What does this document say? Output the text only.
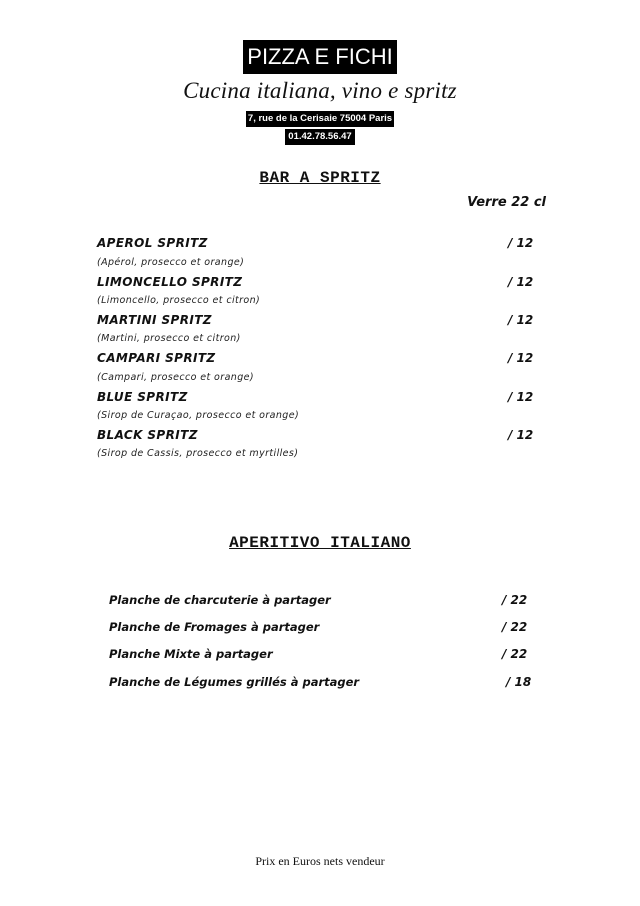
PIZZA E FICHI
Cucina italiana, vino e spritz
7, rue de la Cerisaie 75004 Paris
01.42.78.56.47
BAR A SPRITZ
Verre 22 cl
APEROL SPRITZ	/ 12
(Apérol, prosecco et orange)
LIMONCELLO SPRITZ	/ 12
(Limoncello, prosecco et citron)
MARTINI SPRITZ	/ 12
(Martini, prosecco et citron)
CAMPARI SPRITZ	/ 12
(Campari, prosecco et orange)
BLUE SPRITZ	/ 12
(Sirop de Curaçao, prosecco et orange)
BLACK SPRITZ	/ 12
(Sirop de Cassis, prosecco et myrtilles)
APERITIVO ITALIANO
Planche de charcuterie à partager	/ 22
Planche de Fromages à partager	/ 22
Planche Mixte à partager	/ 22
Planche de Légumes grillés à partager	/ 18
Prix en Euros nets vendeur
